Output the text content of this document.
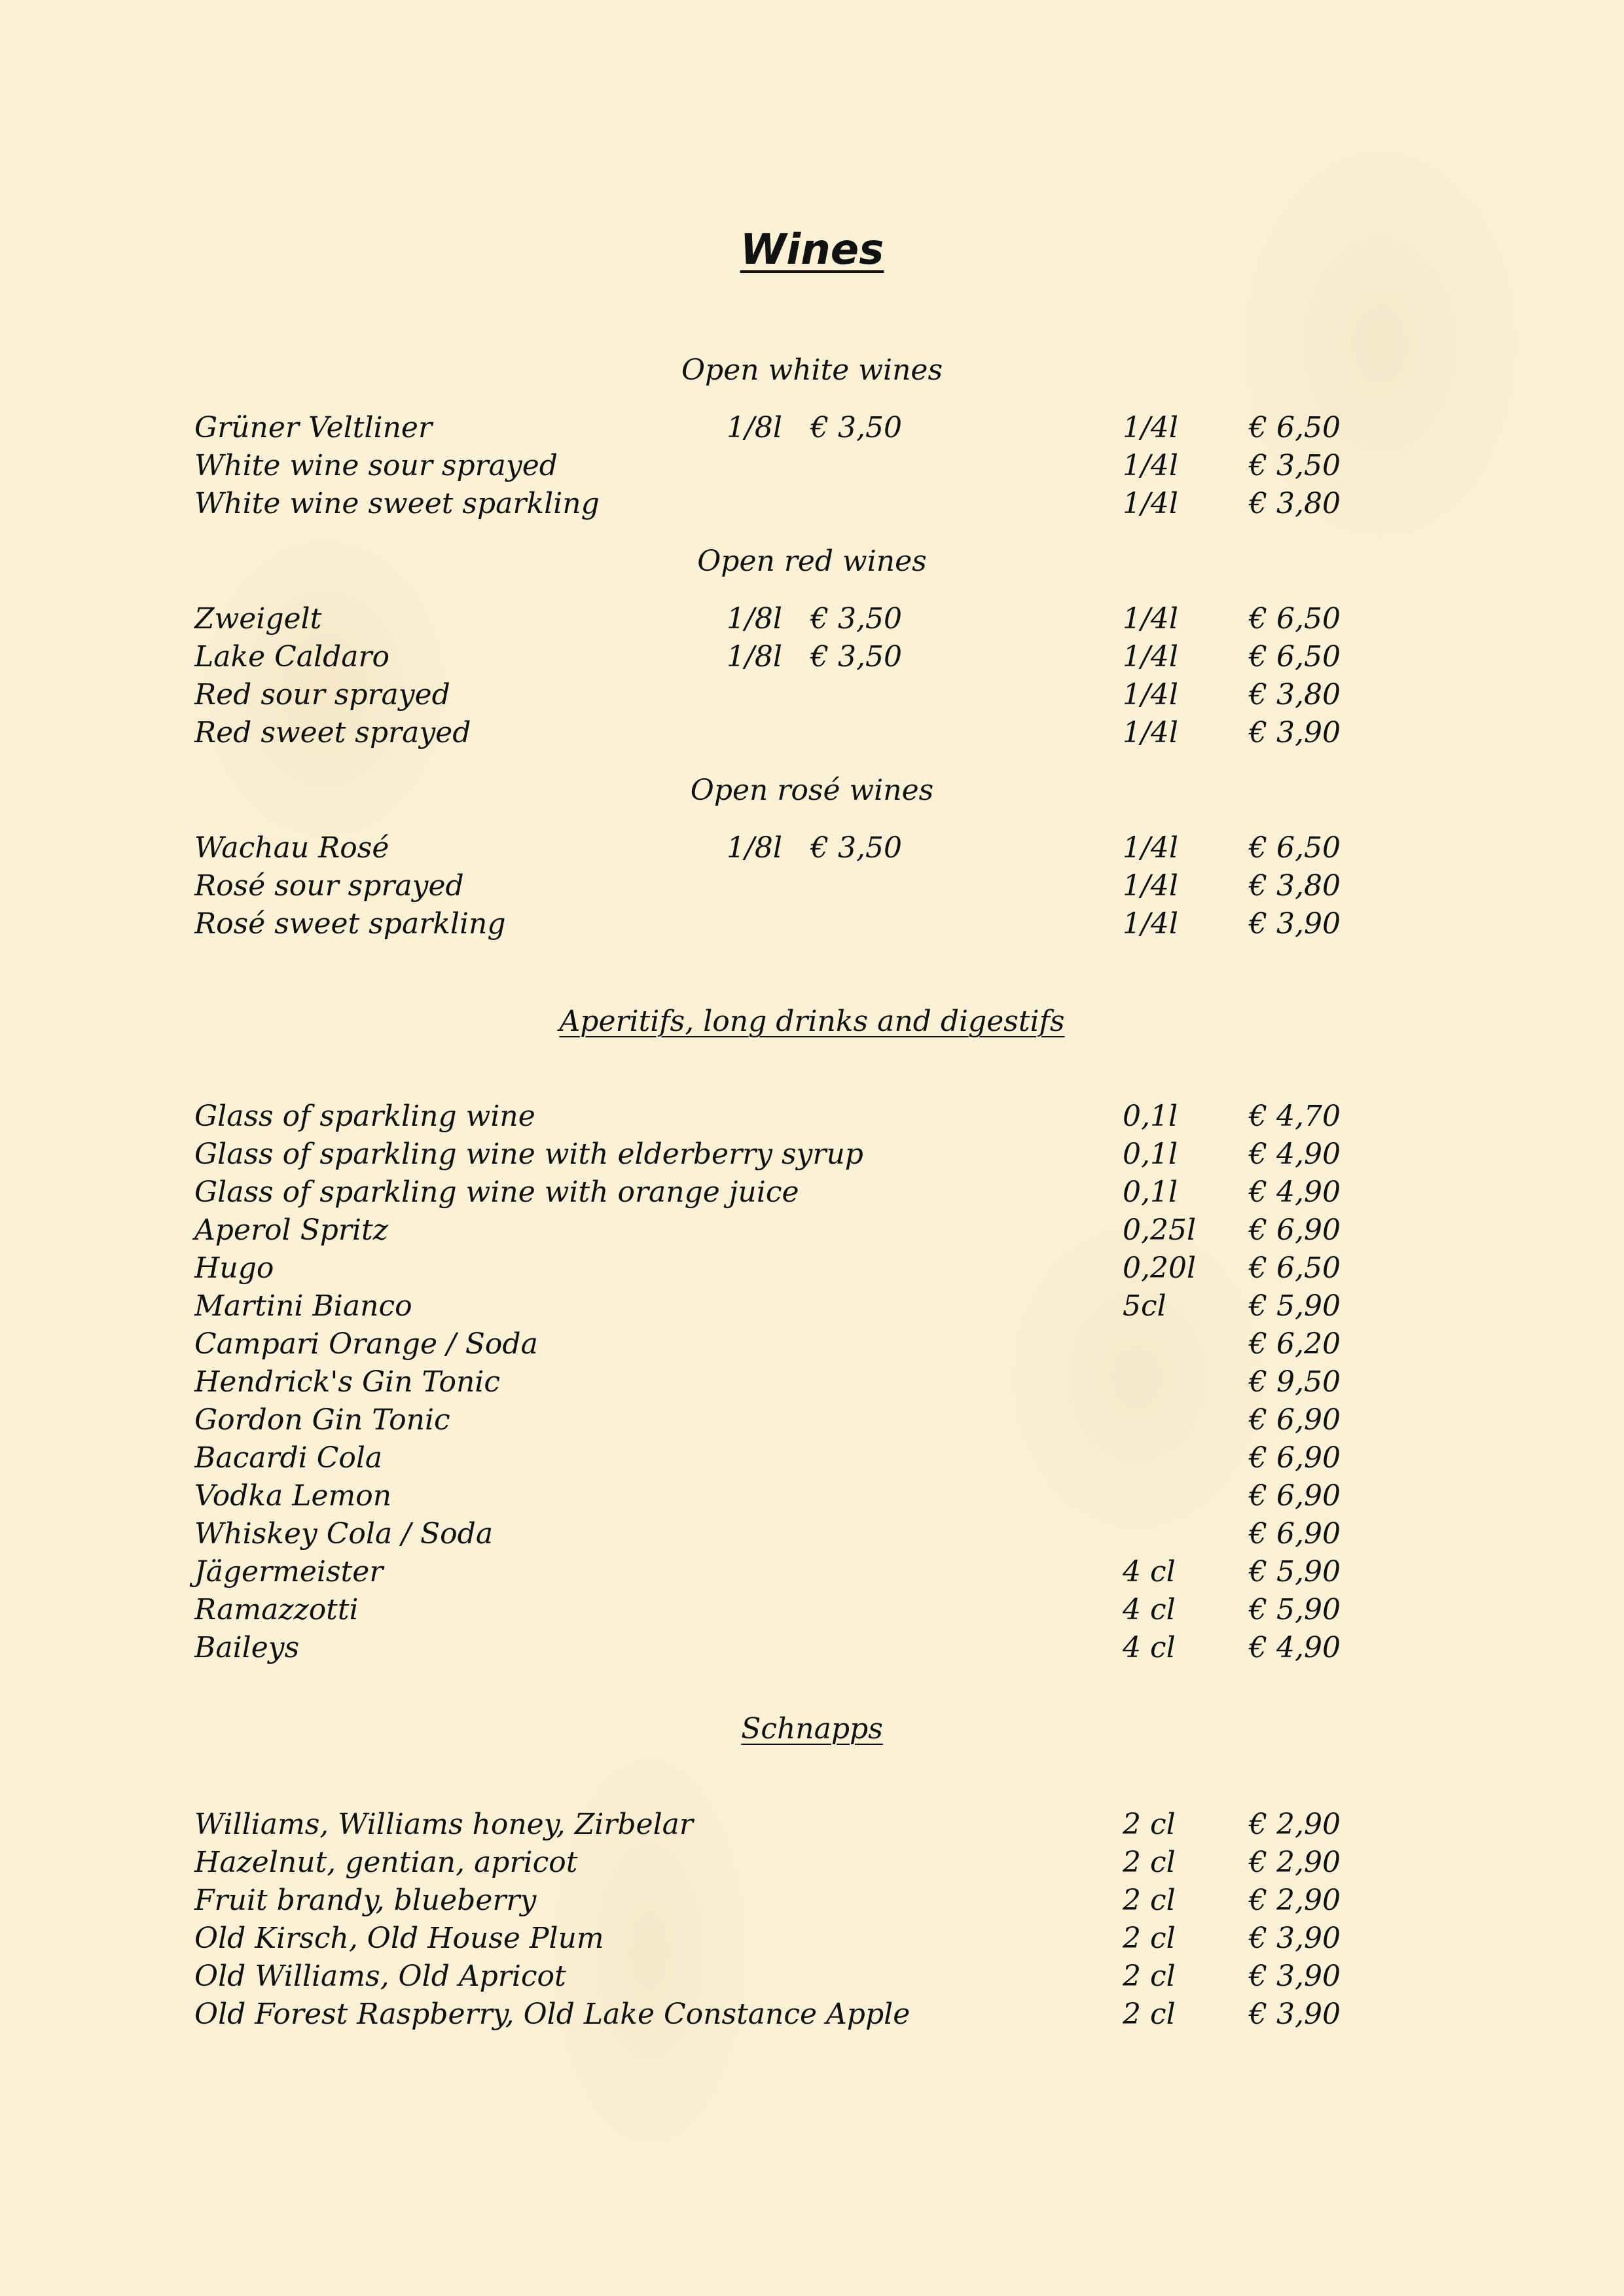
Wines
Open white wines
Grüner Veltliner	1/8l € 3,50	1/4l € 6,50
White wine sour sprayed	1/4l € 3,50
White wine sweet sparkling	1/4l € 3,80
Open red wines
Zweigelt	1/8l € 3,50	1/4l € 6,50
Lake Caldaro	1/8l € 3,50	1/4l € 6,50
Red sour sprayed	1/4l € 3,80
Red sweet sprayed	1/4l € 3,90
Open rosé wines
Wachau Rosé	1/8l € 3,50	1/4l € 6,50
Rosé sour sprayed	1/4l € 3,80
Rosé sweet sparkling	1/4l € 3,90
Aperitifs, long drinks and digestifs
Glass of sparkling wine	0,1l € 4,70
Glass of sparkling wine with elderberry syrup	0,1l € 4,90
Glass of sparkling wine with orange juice	0,1l € 4,90
Aperol Spritz	0,25l € 6,90
Hugo	0,20l € 6,50
Martini Bianco	5cl	€ 5,90
Campari Orange / Soda	€ 6,20
Hendrick's Gin Tonic	€ 9,50
Gordon Gin Tonic	€ 6,90
Bacardi Cola	€ 6,90
Vodka Lemon	€ 6,90
Whiskey Cola / Soda	€ 6,90
Jägermeister	4 cl	€ 5,90
Ramazzotti	4 cl	€ 5,90
Baileys	4 cl	€ 4,90
Schnapps
Williams, Williams honey, Zirbelar	2 cl	€ 2,90
Hazelnut, gentian, apricot	2 cl	€ 2,90
Fruit brandy, blueberry	2 cl	€ 2,90
Old Kirsch, Old House Plum	2 cl	€ 3,90
Old Williams, Old Apricot	2 cl	€ 3,90
Old Forest Raspberry, Old Lake Constance Apple	2 cl	€ 3,90
